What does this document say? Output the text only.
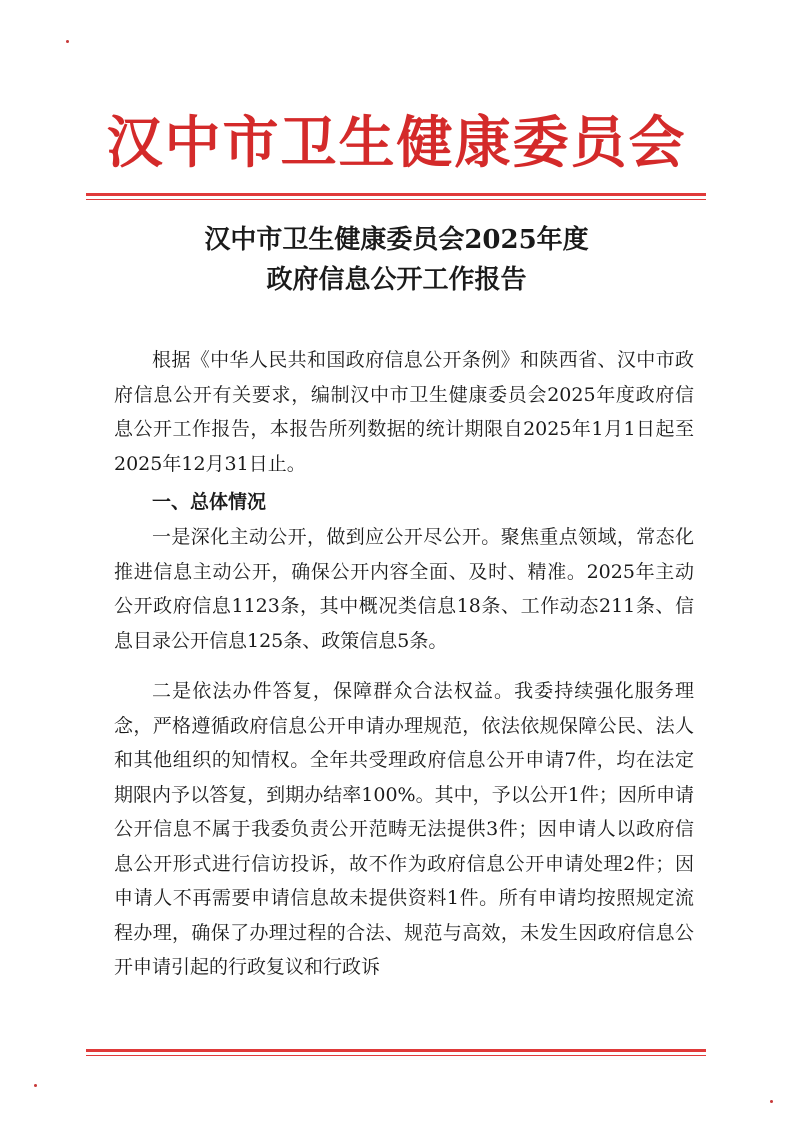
汉中市卫生健康委员会
汉中市卫生健康委员会2025年度
政府信息公开工作报告

根据《中华人民共和国政府信息公开条例》和陕西省、汉中市政府信息公开有关要求，编制汉中市卫生健康委员会2025年度政府信息公开工作报告，本报告所列数据的统计期限自2025年1月1日起至2025年12月31日止。

一、总体情况

一是深化主动公开，做到应公开尽公开。聚焦重点领域，常态化推进信息主动公开，确保公开内容全面、及时、精准。2025年主动公开政府信息1123条，其中概况类信息18条、工作动态211条、信息目录公开信息125条、政策信息5条。

二是依法办件答复，保障群众合法权益。我委持续强化服务理念，严格遵循政府信息公开申请办理规范，依法依规保障公民、法人和其他组织的知情权。全年共受理政府信息公开申请7件，均在法定期限内予以答复，到期办结率100%。其中，予以公开1件；因所申请公开信息不属于我委负责公开范畴无法提供3件；因申请人以政府信息公开形式进行信访投诉，故不作为政府信息公开申请处理2件；因申请人不再需要申请信息故未提供资料1件。所有申请均按照规定流程办理，确保了办理过程的合法、规范与高效，未发生因政府信息公开申请引起的行政复议和行政诉
